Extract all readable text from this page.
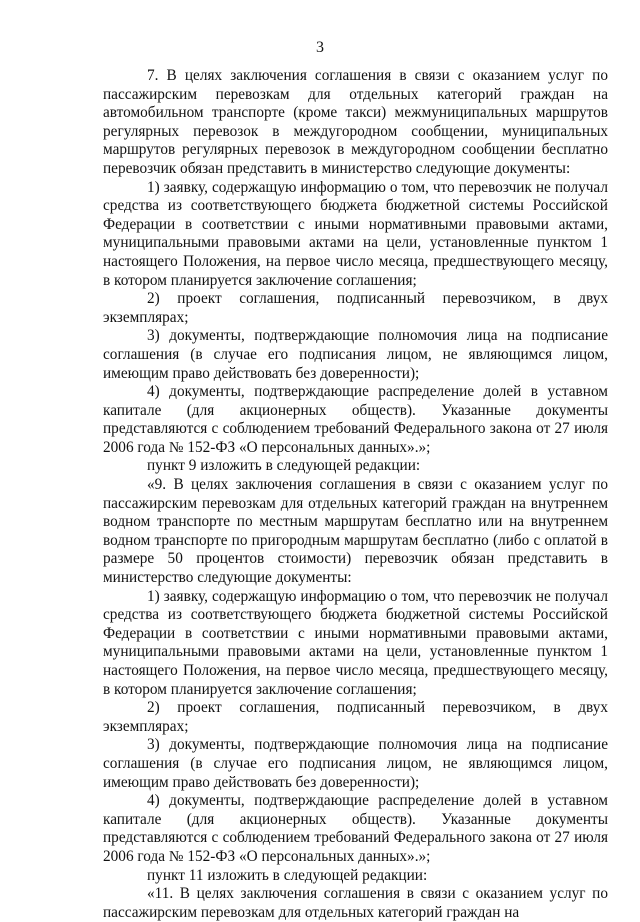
3

7. В целях заключения соглашения в связи с оказанием услуг по пассажирским перевозкам для отдельных категорий граждан на автомобильном транспорте (кроме такси) межмуниципальных маршрутов регулярных перевозок в междугородном сообщении, муниципальных маршрутов регулярных перевозок в междугородном сообщении бесплатно перевозчик обязан представить в министерство следующие документы:

1) заявку, содержащую информацию о том, что перевозчик не получал средства из соответствующего бюджета бюджетной системы Российской Федерации в соответствии с иными нормативными правовыми актами, муниципальными правовыми актами на цели, установленные пунктом 1 настоящего Положения, на первое число месяца, предшествующего месяцу, в котором планируется заключение соглашения;

2) проект соглашения, подписанный перевозчиком, в двух экземплярах;

3) документы, подтверждающие полномочия лица на подписание соглашения (в случае его подписания лицом, не являющимся лицом, имеющим право действовать без доверенности);

4) документы, подтверждающие распределение долей в уставном капитале (для акционерных обществ). Указанные документы представляются с соблюдением требований Федерального закона от 27 июля 2006 года № 152-ФЗ «О персональных данных».»;

пункт 9 изложить в следующей редакции:

«9. В целях заключения соглашения в связи с оказанием услуг по пассажирским перевозкам для отдельных категорий граждан на внутреннем водном транспорте по местным маршрутам бесплатно или на внутреннем водном транспорте по пригородным маршрутам бесплатно (либо с оплатой в размере 50 процентов стоимости) перевозчик обязан представить в министерство следующие документы:

1) заявку, содержащую информацию о том, что перевозчик не получал средства из соответствующего бюджета бюджетной системы Российской Федерации в соответствии с иными нормативными правовыми актами, муниципальными правовыми актами на цели, установленные пунктом 1 настоящего Положения, на первое число месяца, предшествующего месяцу, в котором планируется заключение соглашения;

2) проект соглашения, подписанный перевозчиком, в двух экземплярах;

3) документы, подтверждающие полномочия лица на подписание соглашения (в случае его подписания лицом, не являющимся лицом, имеющим право действовать без доверенности);

4) документы, подтверждающие распределение долей в уставном капитале (для акционерных обществ). Указанные документы представляются с соблюдением требований Федерального закона от 27 июля 2006 года № 152-ФЗ «О персональных данных».»;

пункт 11 изложить в следующей редакции:

«11. В целях заключения соглашения в связи с оказанием услуг по пассажирским перевозкам для отдельных категорий граждан на
